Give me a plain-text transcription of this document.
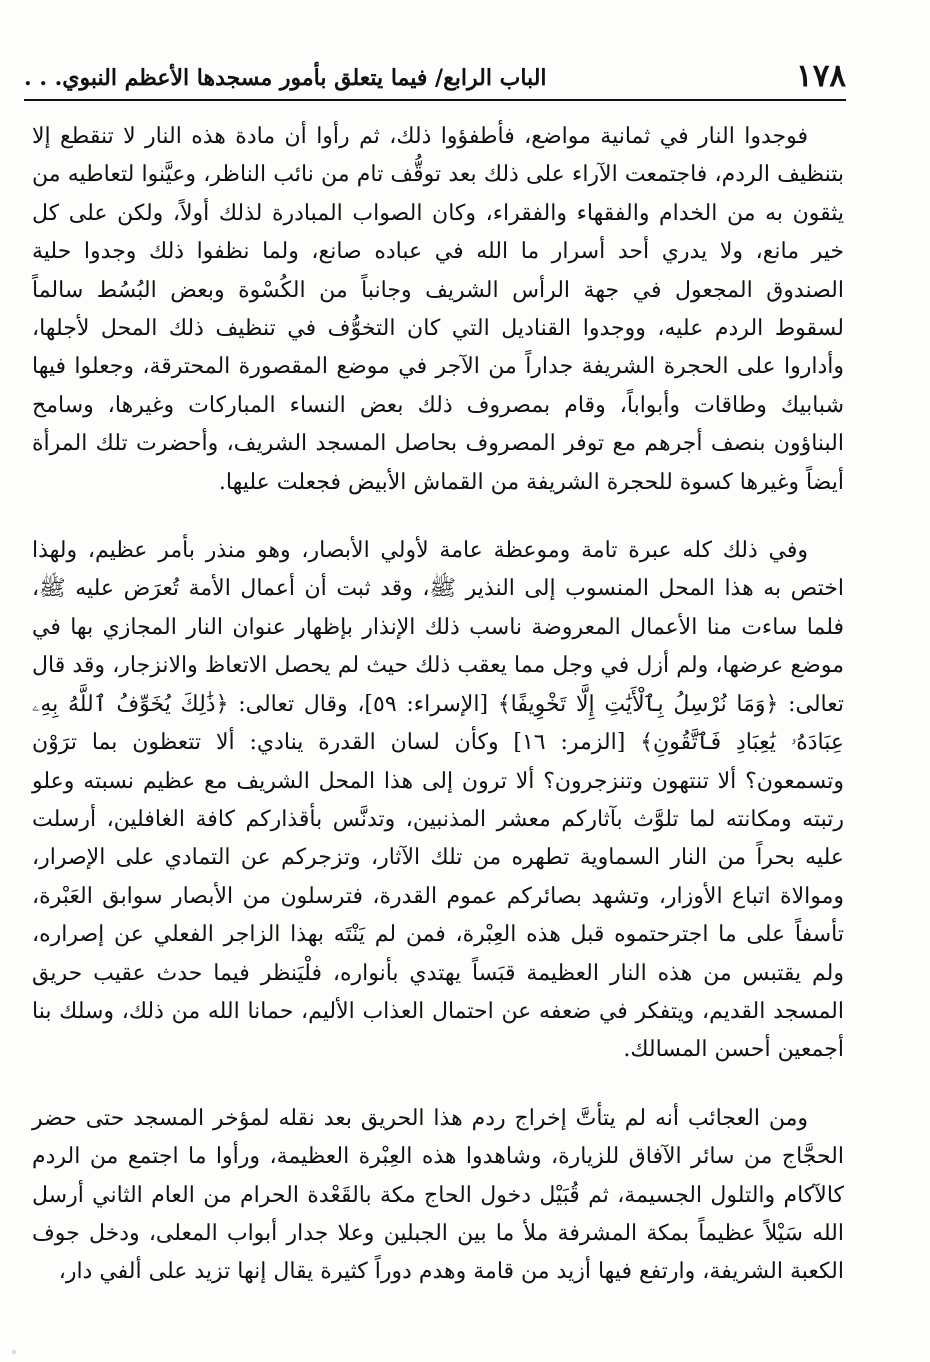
١٧٨
الباب الرابع/ فيما يتعلق بأمور مسجدها الأعظم النبوي. . .

فوجدوا النار في ثمانية مواضع، فأطفؤوا ذلك، ثم رأوا أن مادة هذه النار لا تنقطع إلا بتنظيف الردم، فاجتمعت الآراء على ذلك بعد توقُّف تام من نائب الناظر، وعيَّنوا لتعاطيه من يثقون به من الخدام والفقهاء والفقراء، وكان الصواب المبادرة لذلك أولاً، ولكن على كل خير مانع، ولا يدري أحد أسرار ما الله في عباده صانع، ولما نظفوا ذلك وجدوا حلية الصندوق المجعول في جهة الرأس الشريف وجانباً من الكُسْوة وبعض البُسُط سالماً لسقوط الردم عليه، ووجدوا القناديل التي كان التخوُّف في تنظيف ذلك المحل لأجلها، وأداروا على الحجرة الشريفة جداراً من الآجر في موضع المقصورة المحترقة، وجعلوا فيها شبابيك وطاقات وأبواباً، وقام بمصروف ذلك بعض النساء المباركات وغيرها، وسامح البناؤون بنصف أجرهم مع توفر المصروف بحاصل المسجد الشريف، وأحضرت تلك المرأة أيضاً وغيرها كسوة للحجرة الشريفة من القماش الأبيض فجعلت عليها.

وفي ذلك كله عبرة تامة وموعظة عامة لأولي الأبصار، وهو منذر بأمر عظيم، ولهذا اختص به هذا المحل المنسوب إلى النذير ﷺ، وقد ثبت أن أعمال الأمة تُعرَض عليه ﷺ، فلما ساءت منا الأعمال المعروضة ناسب ذلك الإنذار بإظهار عنوان النار المجازي بها في موضع عرضها، ولم أزل في وجل مما يعقب ذلك حيث لم يحصل الاتعاظ والانزجار، وقد قال تعالى: ﴿وَمَا نُرْسِلُ بِٱلْأَيَٰتِ إِلَّا تَخْوِيفًا﴾ [الإسراء: ٥٩]، وقال تعالى: ﴿ذَٰلِكَ يُخَوِّفُ ٱللَّهُ بِهِۦ عِبَادَهُۥ يَٰعِبَادِ فَٱتَّقُونِ﴾ [الزمر: ١٦] وكأن لسان القدرة ينادي: ألا تتعظون بما ترَوْن وتسمعون؟ ألا تنتهون وتنزجرون؟ ألا ترون إلى هذا المحل الشريف مع عظيم نسبته وعلو رتبته ومكانته لما تلوَّث بآثاركم معشر المذنبين، وتدنَّس بأقذاركم كافة الغافلين، أرسلت عليه بحراً من النار السماوية تطهره من تلك الآثار، وتزجركم عن التمادي على الإصرار، وموالاة اتباع الأوزار، وتشهد بصائركم عموم القدرة، فترسلون من الأبصار سوابق العَبْرة، تأسفاً على ما اجترحتموه قبل هذه العِبْرة، فمن لم يَنْتَه بهذا الزاجر الفعلي عن إصراره، ولم يقتبس من هذه النار العظيمة قبَساً يهتدي بأنواره، فلْيَنظر فيما حدث عقيب حريق المسجد القديم، ويتفكر في ضعفه عن احتمال العذاب الأليم، حمانا الله من ذلك، وسلك بنا أجمعين أحسن المسالك.

ومن العجائب أنه لم يتأتَّ إخراج ردم هذا الحريق بعد نقله لمؤخر المسجد حتى حضر الحجَّاج من سائر الآفاق للزيارة، وشاهدوا هذه العِبْرة العظيمة، ورأوا ما اجتمع من الردم كالآكام والتلول الجسيمة، ثم قُبَيْل دخول الحاج مكة بالقَعْدة الحرام من العام الثاني أرسل الله سَيْلاً عظيماً بمكة المشرفة ملأ ما بين الجبلين وعلا جدار أبواب المعلى، ودخل جوف الكعبة الشريفة، وارتفع فيها أزيد من قامة وهدم دوراً كثيرة يقال إنها تزيد على ألفي دار،
